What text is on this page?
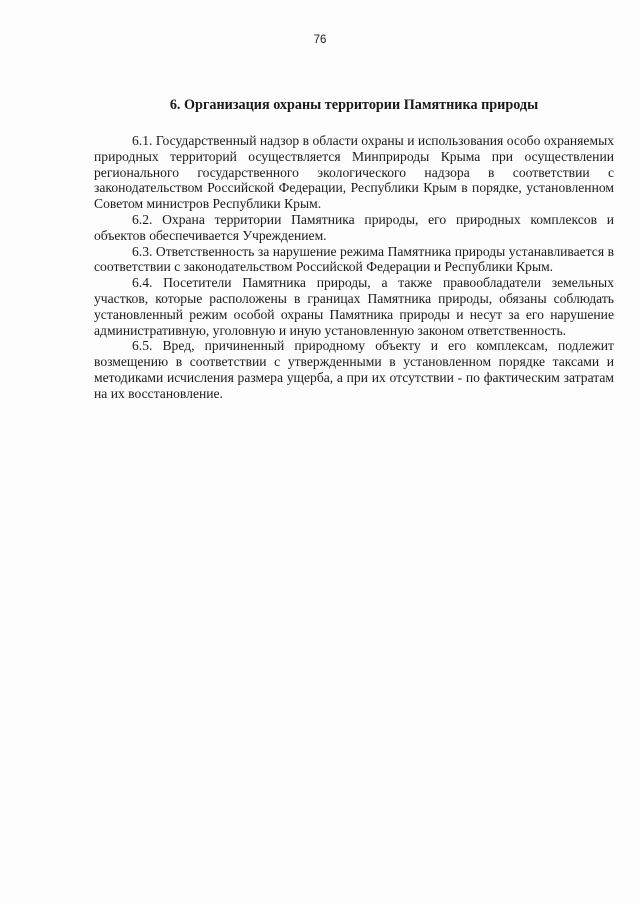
76
6. Организация охраны территории Памятника природы

6.1. Государственный надзор в области охраны и использования особо охраняемых природных территорий осуществляется Минприроды Крыма при осуществлении регионального государственного экологического надзора в соответствии с законодательством Российской Федерации, Республики Крым в порядке, установленном Советом министров Республики Крым.

6.2. Охрана территории Памятника природы, его природных комплексов и объектов обеспечивается Учреждением.

6.3. Ответственность за нарушение режима Памятника природы устанавливается в соответствии с законодательством Российской Федерации и Республики Крым.

6.4. Посетители Памятника природы, а также правообладатели земельных участков, которые расположены в границах Памятника природы, обязаны соблюдать установленный режим особой охраны Памятника природы и несут за его нарушение административную, уголовную и иную установленную законом ответственность.

6.5. Вред, причиненный природному объекту и его комплексам, подлежит возмещению в соответствии с утвержденными в установленном порядке таксами и методиками исчисления размера ущерба, а при их отсутствии - по фактическим затратам на их восстановление.
